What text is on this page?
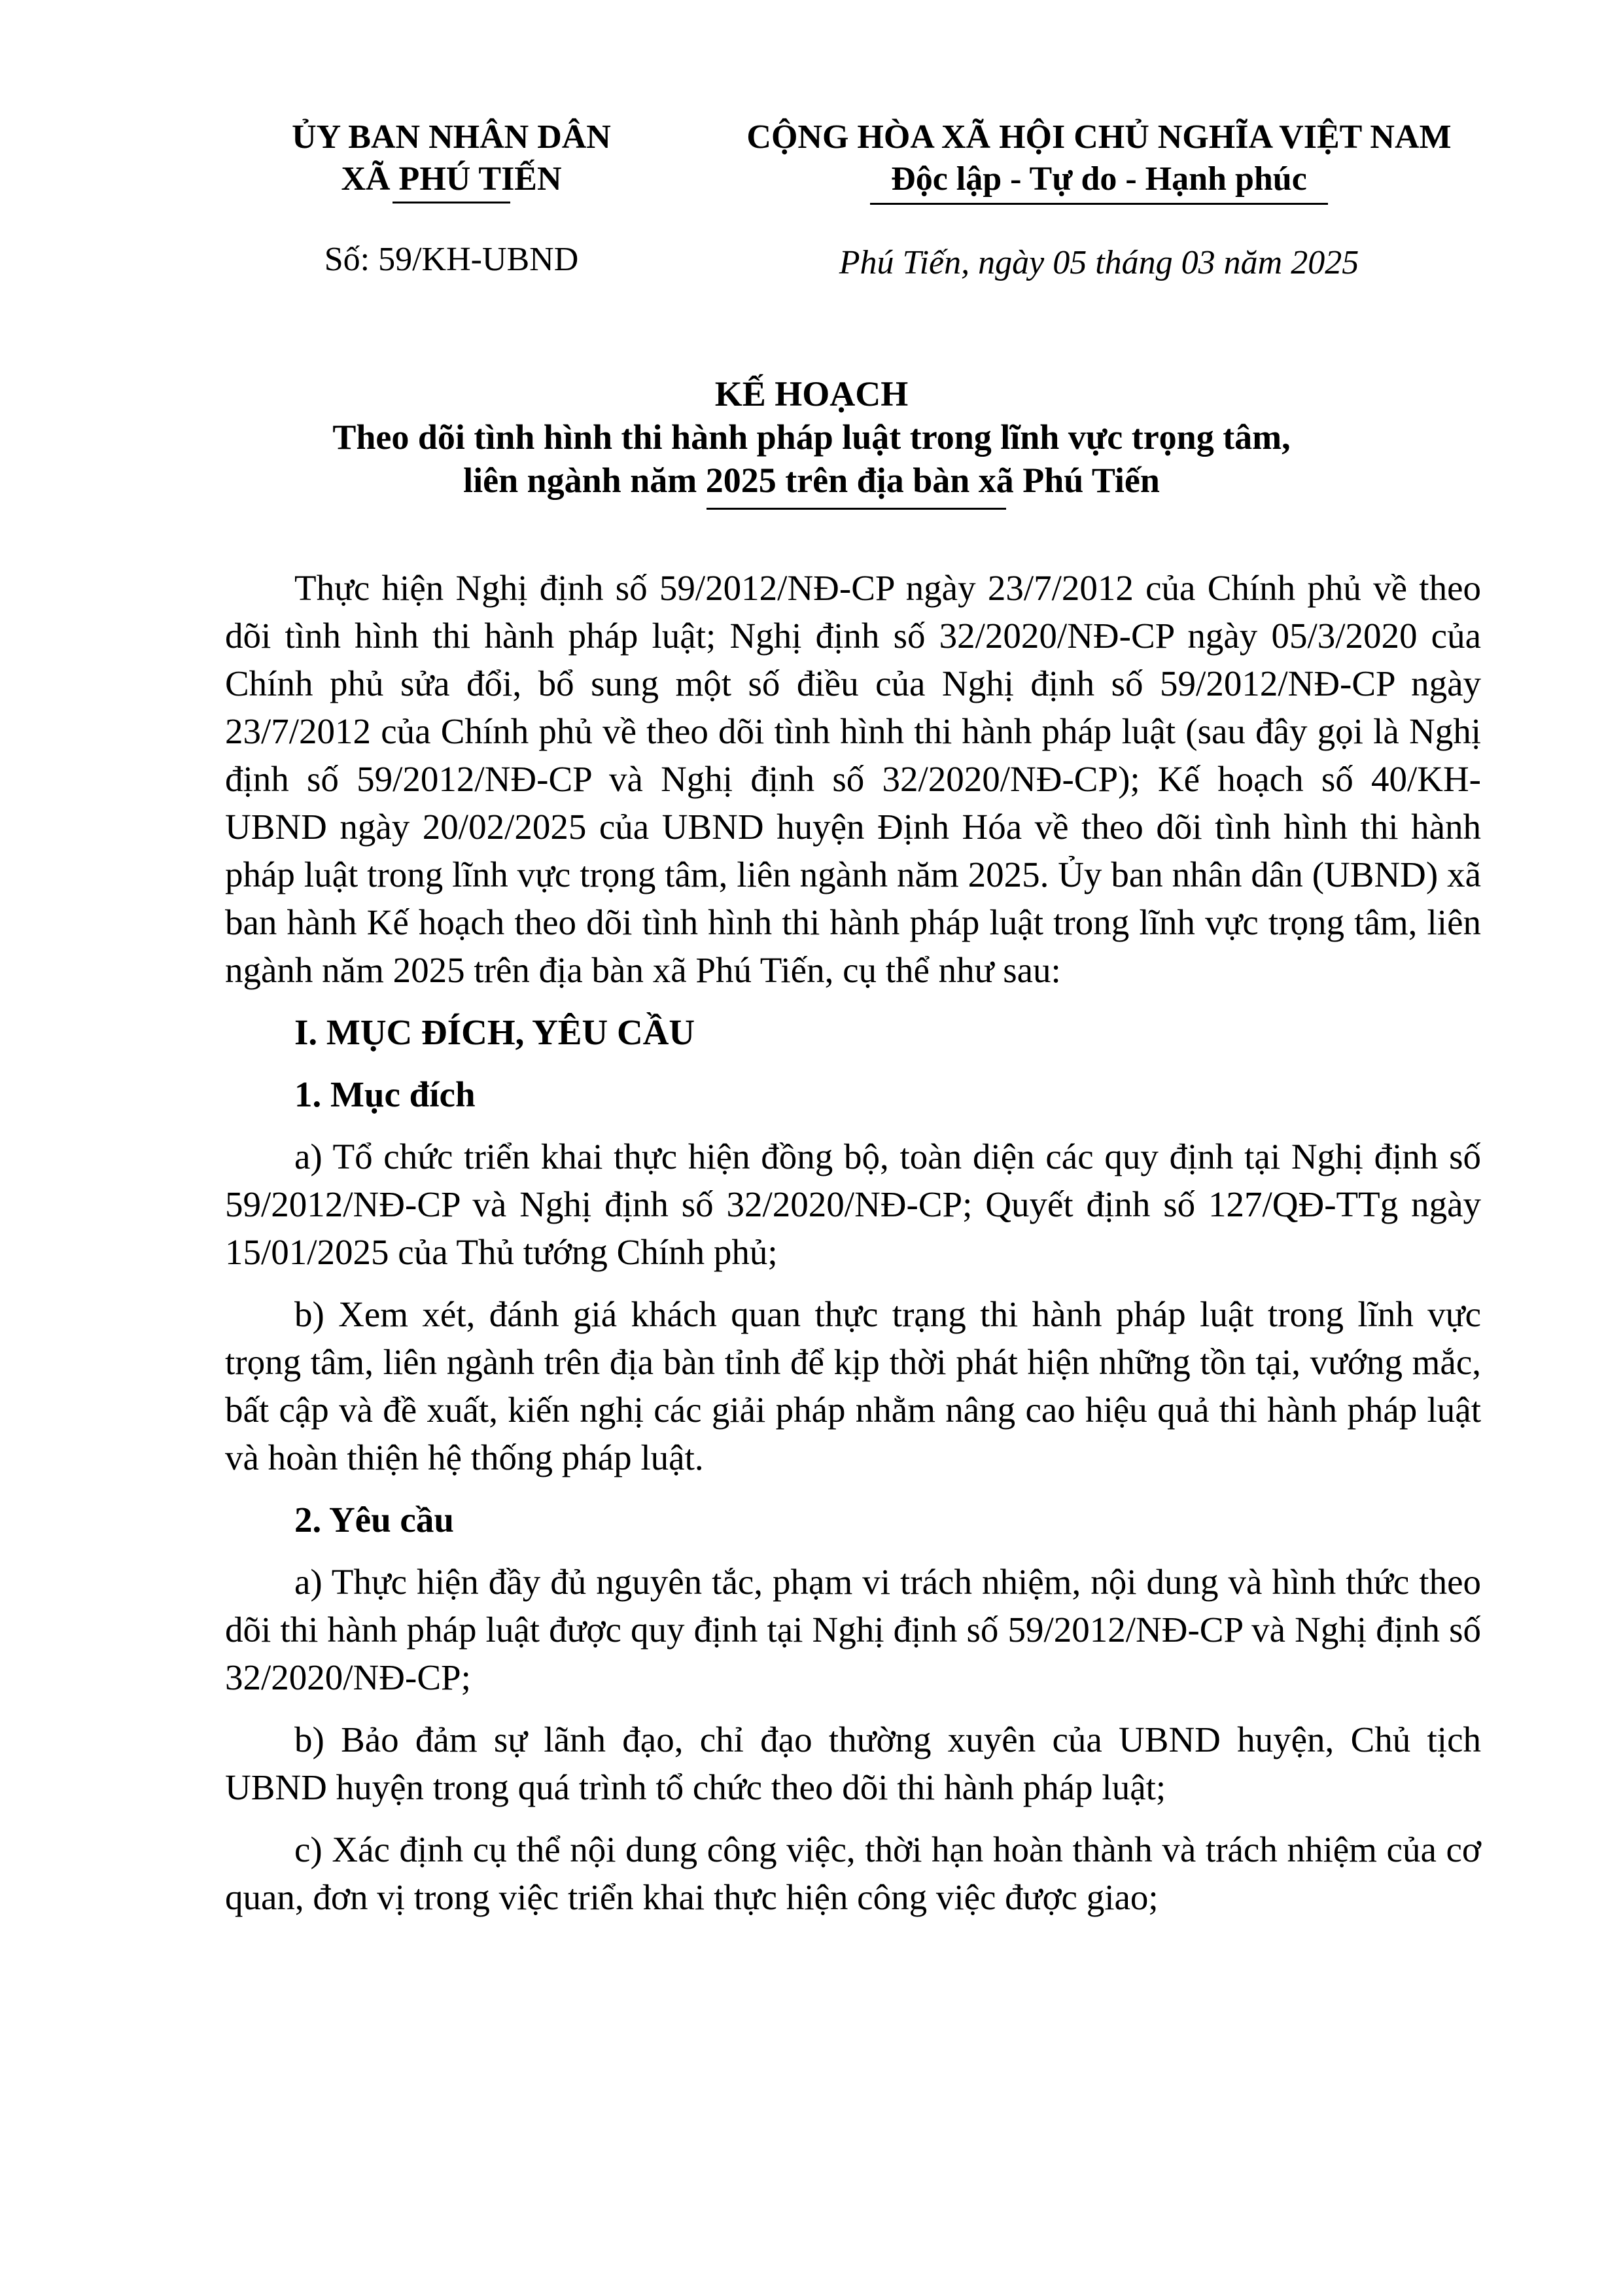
ỦY BAN NHÂN DÂN
XÃ PHÚ TIẾN
CỘNG HÒA XÃ HỘI CHỦ NGHĨA VIỆT NAM
Độc lập - Tự do - Hạnh phúc
Số: 59/KH-UBND	Phú Tiến, ngày 05 tháng 03 năm 2025
KẾ HOẠCH
Theo dõi tình hình thi hành pháp luật trong lĩnh vực trọng tâm,
liên ngành năm 2025 trên địa bàn xã Phú Tiến

Thực hiện Nghị định số 59/2012/NĐ-CP ngày 23/7/2012 của Chính phủ về theo dõi tình hình thi hành pháp luật; Nghị định số 32/2020/NĐ-CP ngày 05/3/2020 của Chính phủ sửa đổi, bổ sung một số điều của Nghị định số 59/2012/NĐ-CP ngày 23/7/2012 của Chính phủ về theo dõi tình hình thi hành pháp luật (sau đây gọi là Nghị định số 59/2012/NĐ-CP và Nghị định số 32/2020/NĐ-CP); Kế hoạch số 40/KH-UBND ngày 20/02/2025 của UBND huyện Định Hóa về theo dõi tình hình thi hành pháp luật trong lĩnh vực trọng tâm, liên ngành năm 2025. Ủy ban nhân dân (UBND) xã ban hành Kế hoạch theo dõi tình hình thi hành pháp luật trong lĩnh vực trọng tâm, liên ngành năm 2025 trên địa bàn xã Phú Tiến, cụ thể như sau:

I. MỤC ĐÍCH, YÊU CẦU
1. Mục đích

a) Tổ chức triển khai thực hiện đồng bộ, toàn diện các quy định tại Nghị định số 59/2012/NĐ-CP và Nghị định số 32/2020/NĐ-CP; Quyết định số 127/QĐ-TTg ngày 15/01/2025 của Thủ tướng Chính phủ;

b) Xem xét, đánh giá khách quan thực trạng thi hành pháp luật trong lĩnh vực trọng tâm, liên ngành trên địa bàn tỉnh để kịp thời phát hiện những tồn tại, vướng mắc, bất cập và đề xuất, kiến nghị các giải pháp nhằm nâng cao hiệu quả thi hành pháp luật và hoàn thiện hệ thống pháp luật.

2. Yêu cầu

a) Thực hiện đầy đủ nguyên tắc, phạm vi trách nhiệm, nội dung và hình thức theo dõi thi hành pháp luật được quy định tại Nghị định số 59/2012/NĐ-CP và Nghị định số 32/2020/NĐ-CP;

b) Bảo đảm sự lãnh đạo, chỉ đạo thường xuyên của UBND huyện, Chủ tịch UBND huyện trong quá trình tổ chức theo dõi thi hành pháp luật;

c) Xác định cụ thể nội dung công việc, thời hạn hoàn thành và trách nhiệm của cơ quan, đơn vị trong việc triển khai thực hiện công việc được giao;
